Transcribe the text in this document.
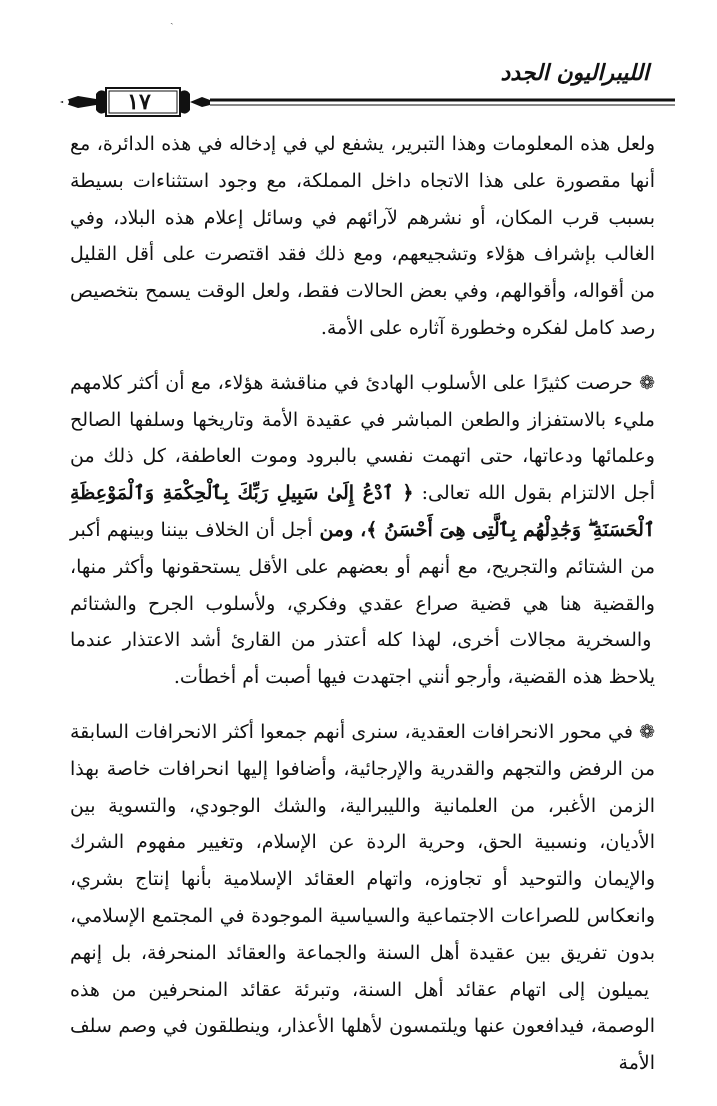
ˎ
الليبراليون الجدد
١٧
ولعل هذه المعلومات وهذا التبرير، يشفع لي في إدخاله في هذه الدائرة، مع أنها مقصورة على هذا الاتجاه داخل المملكة، مع وجود استثناءات بسيطة بسبب قرب المكان، أو نشرهم لآرائهم في وسائل إعلام هذه البلاد، وفي الغالب بإشراف هؤلاء وتشجيعهم، ومع ذلك فقد اقتصرت على أقل القليل من أقواله، وأقوالهم، وفي بعض الحالات فقط، ولعل الوقت يسمح بتخصيص رصد كامل لفكره وخطورة آثاره على الأمة.
❁ حرصت كثيرًا على الأسلوب الهادئ في مناقشة هؤلاء، مع أن أكثر كلامهم مليء بالاستفزاز والطعن المباشر في عقيدة الأمة وتاريخها وسلفها الصالح وعلمائها ودعاتها، حتى اتهمت نفسي بالبرود وموت العاطفة، كل ذلك من أجل الالتزام بقول الله تعالى: ﴿ ٱدْعُ إِلَىٰ سَبِيلِ رَبِّكَ بِٱلْحِكْمَةِ وَٱلْمَوْعِظَةِ ٱلْحَسَنَةِ ۖ وَجَٰدِلْهُم بِٱلَّتِى هِىَ أَحْسَنُ ﴾، ومن أجل أن الخلاف بيننا وبينهم أكبر من الشتائم والتجريح، مع أنهم أو بعضهم على الأقل يستحقونها وأكثر منها، والقضية هنا هي قضية صراع عقدي وفكري، ولأسلوب الجرح والشتائم والسخرية مجالات أخرى، لهذا كله أعتذر من القارئ أشد الاعتذار عندما يلاحظ هذه القضية، وأرجو أنني اجتهدت فيها أصبت أم أخطأت.
❁ في محور الانحرافات العقدية، سنرى أنهم جمعوا أكثر الانحرافات السابقة من الرفض والتجهم والقدرية والإرجائية، وأضافوا إليها انحرافات خاصة بهذا الزمن الأغبر، من العلمانية والليبرالية، والشك الوجودي، والتسوية بين الأديان، ونسبية الحق، وحرية الردة عن الإسلام، وتغيير مفهوم الشرك والإيمان والتوحيد أو تجاوزه، واتهام العقائد الإسلامية بأنها إنتاج بشري، وانعكاس للصراعات الاجتماعية والسياسية الموجودة في المجتمع الإسلامي، بدون تفريق بين عقيدة أهل السنة والجماعة والعقائد المنحرفة، بل إنهم يميلون إلى اتهام عقائد أهل السنة، وتبرئة عقائد المنحرفين من هذه الوصمة، فيدافعون عنها ويلتمسون لأهلها الأعذار، وينطلقون في وصم سلف الأمة
